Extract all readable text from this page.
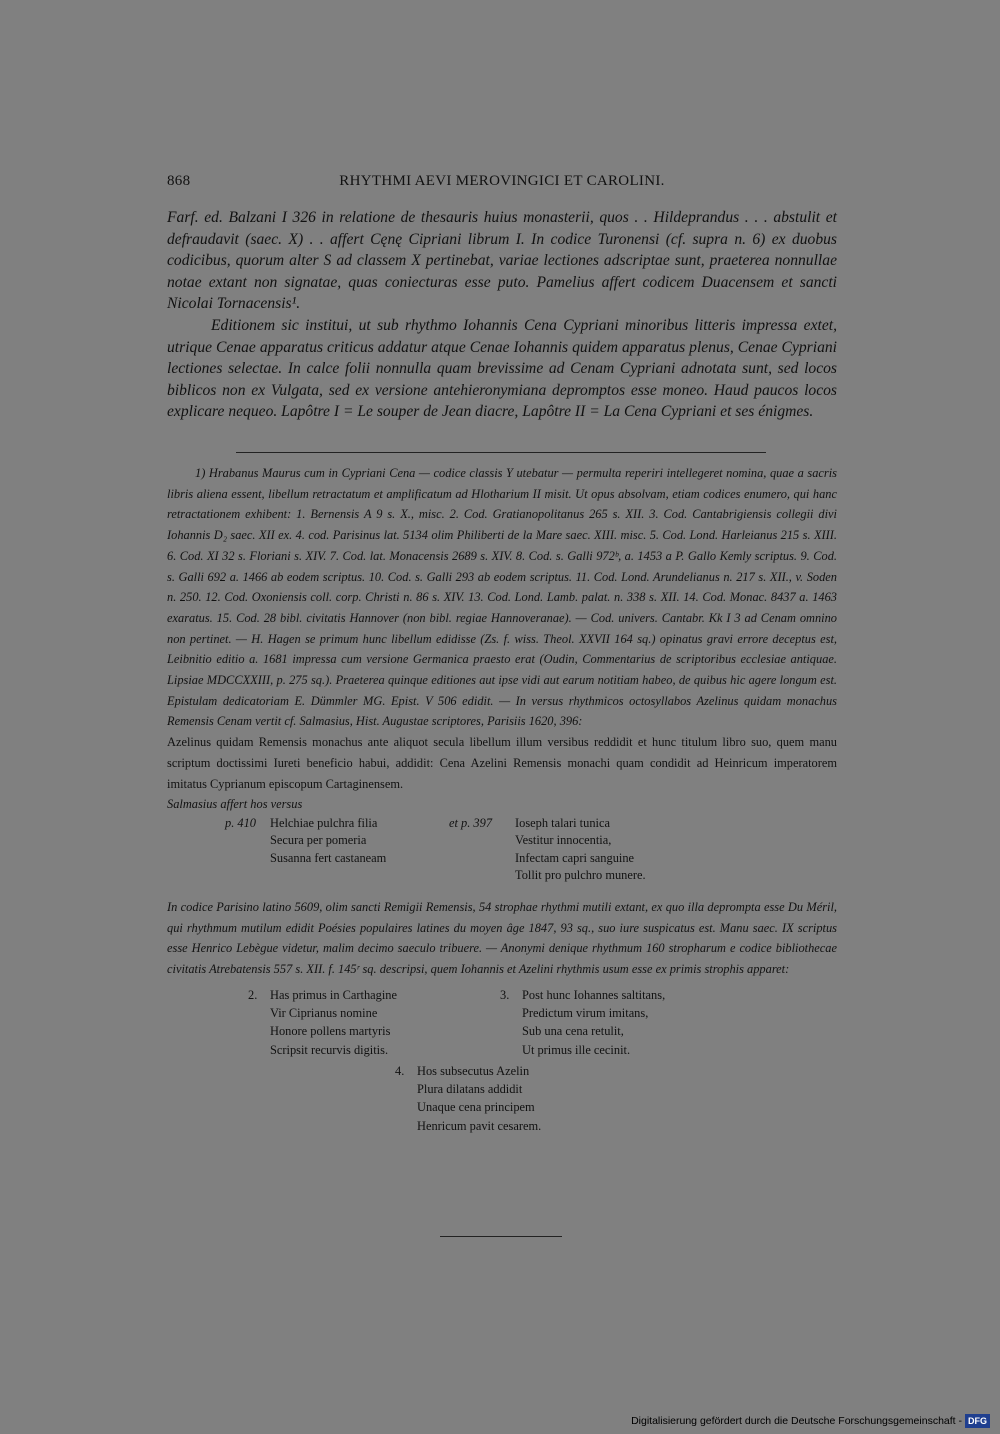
868	RHYTHMI AEVI MEROVINGICI ET CAROLINI.

Farf. ed. Balzani I 326 in relatione de thesauris huius monasterii, quos . . Hildeprandus . . . abstulit et defraudavit (saec. X) . . affert Cęnę Cipriani librum I. In codice Turonensi (cf. supra n. 6) ex duobus codicibus, quorum alter S ad classem X pertinebat, variae lectiones adscriptae sunt, praeterea nonnullae notae extant non signatae, quas coniecturas esse puto. Pamelius affert codicem Duacensem et sancti Nicolai Tornacensis¹.

Editionem sic institui, ut sub rhythmo Iohannis Cena Cypriani minoribus litteris impressa extet, utrique Cenae apparatus criticus addatur atque Cenae Iohannis quidem apparatus plenus, Cenae Cypriani lectiones selectae. In calce folii nonnulla quam brevissime ad Cenam Cypriani adnotata sunt, sed locos biblicos non ex Vulgata, sed ex versione antehieronymiana depromptos esse moneo. Haud paucos locos explicare nequeo. Lapôtre I = Le souper de Jean diacre, Lapôtre II = La Cena Cypriani et ses énigmes.

1) Hrabanus Maurus cum in Cypriani Cena — codice classis Y utebatur — permulta reperiri intellegeret nomina, quae a sacris libris aliena essent, libellum retractatum et amplificatum ad Hlotharium II misit. Ut opus absolvam, etiam codices enumero, qui hanc retractationem exhibent: 1. Bernensis A 9 s. X., misc. 2. Cod. Gratianopolitanus 265 s. XII. 3. Cod. Cantabrigiensis collegii divi Iohannis D₂ saec. XII ex. 4. cod. Parisinus lat. 5134 olim Philiberti de la Mare saec. XIII. misc. 5. Cod. Lond. Harleianus 215 s. XIII. 6. Cod. XI 32 s. Floriani s. XIV. 7. Cod. lat. Monacensis 2689 s. XIV. 8. Cod. s. Galli 972ᵇ, a. 1453 a P. Gallo Kemly scriptus. 9. Cod. s. Galli 692 a. 1466 ab eodem scriptus. 10. Cod. s. Galli 293 ab eodem scriptus. 11. Cod. Lond. Arundelianus n. 217 s. XII., v. Soden n. 250. 12. Cod. Oxoniensis coll. corp. Christi n. 86 s. XIV. 13. Cod. Lond. Lamb. palat. n. 338 s. XII. 14. Cod. Monac. 8437 a. 1463 exaratus. 15. Cod. 28 bibl. civitatis Hannover (non bibl. regiae Hannoveranae). — Cod. univers. Cantabr. Kk I 3 ad Cenam omnino non pertinet. — H. Hagen se primum hunc libellum edidisse (Zs. f. wiss. Theol. XXVII 164 sq.) opinatus gravi errore deceptus est, Leibnitio editio a. 1681 impressa cum versione Germanica praesto erat (Oudin, Commentarius de scriptoribus ecclesiae antiquae. Lipsiae MDCCXXIII, p. 275 sq.). Praeterea quinque editiones aut ipse vidi aut earum notitiam habeo, de quibus hic agere longum est. Epistulam dedicatoriam E. Dümmler MG. Epist. V 506 edidit. — In versus rhythmicos octosyllabos Azelinus quidam monachus Remensis Cenam vertit cf. Salmasius, Hist. Augustae scriptores, Parisiis 1620, 396:

Azelinus quidam Remensis monachus ante aliquot secula libellum illum versibus reddidit et hunc titulum libro suo, quem manu scriptum doctissimi Iureti beneficio habui, addidit: Cena Azelini Remensis monachi quam condidit ad Heinricum imperatorem imitatus Cyprianum episcopum Cartaginensem.

Salmasius affert hos versus

p. 410 Helchiae pulchra filia
Secura per pomeria
Susanna fert castaneam
et p. 397 Ioseph talari tunica
Vestitur innocentia,
Infectam capri sanguine
Tollit pro pulchro munere.

In codice Parisino latino 5609, olim sancti Remigii Remensis, 54 strophae rhythmi mutili extant, ex quo illa deprompta esse Du Méril, qui rhythmum mutilum edidit Poésies populaires latines du moyen âge 1847, 93 sq., suo iure suspicatus est. Manu saec. IX scriptus esse Henrico Lebègue videtur, malim decimo saeculo tribuere. — Anonymi denique rhythmum 160 stropharum e codice bibliothecae civitatis Atrebatensis 557 s. XII. f. 145ʳ sq. descripsi, quem Iohannis et Azelini rhythmis usum esse ex primis strophis apparet:

2. Has primus in Carthagine
Vir Ciprianus nomine
Honore pollens martyris
Scripsit recurvis digitis.
3. Post hunc Iohannes saltitans,
Predictum virum imitans,
Sub una cena retulit,
Ut primus ille cecinit.
4. Hos subsecutus Azelin
Plura dilatans addidit
Unaque cena principem
Henricum pavit cesarem.
Digitalisierung gefördert durch die Deutsche Forschungsgemeinschaft - DFG
